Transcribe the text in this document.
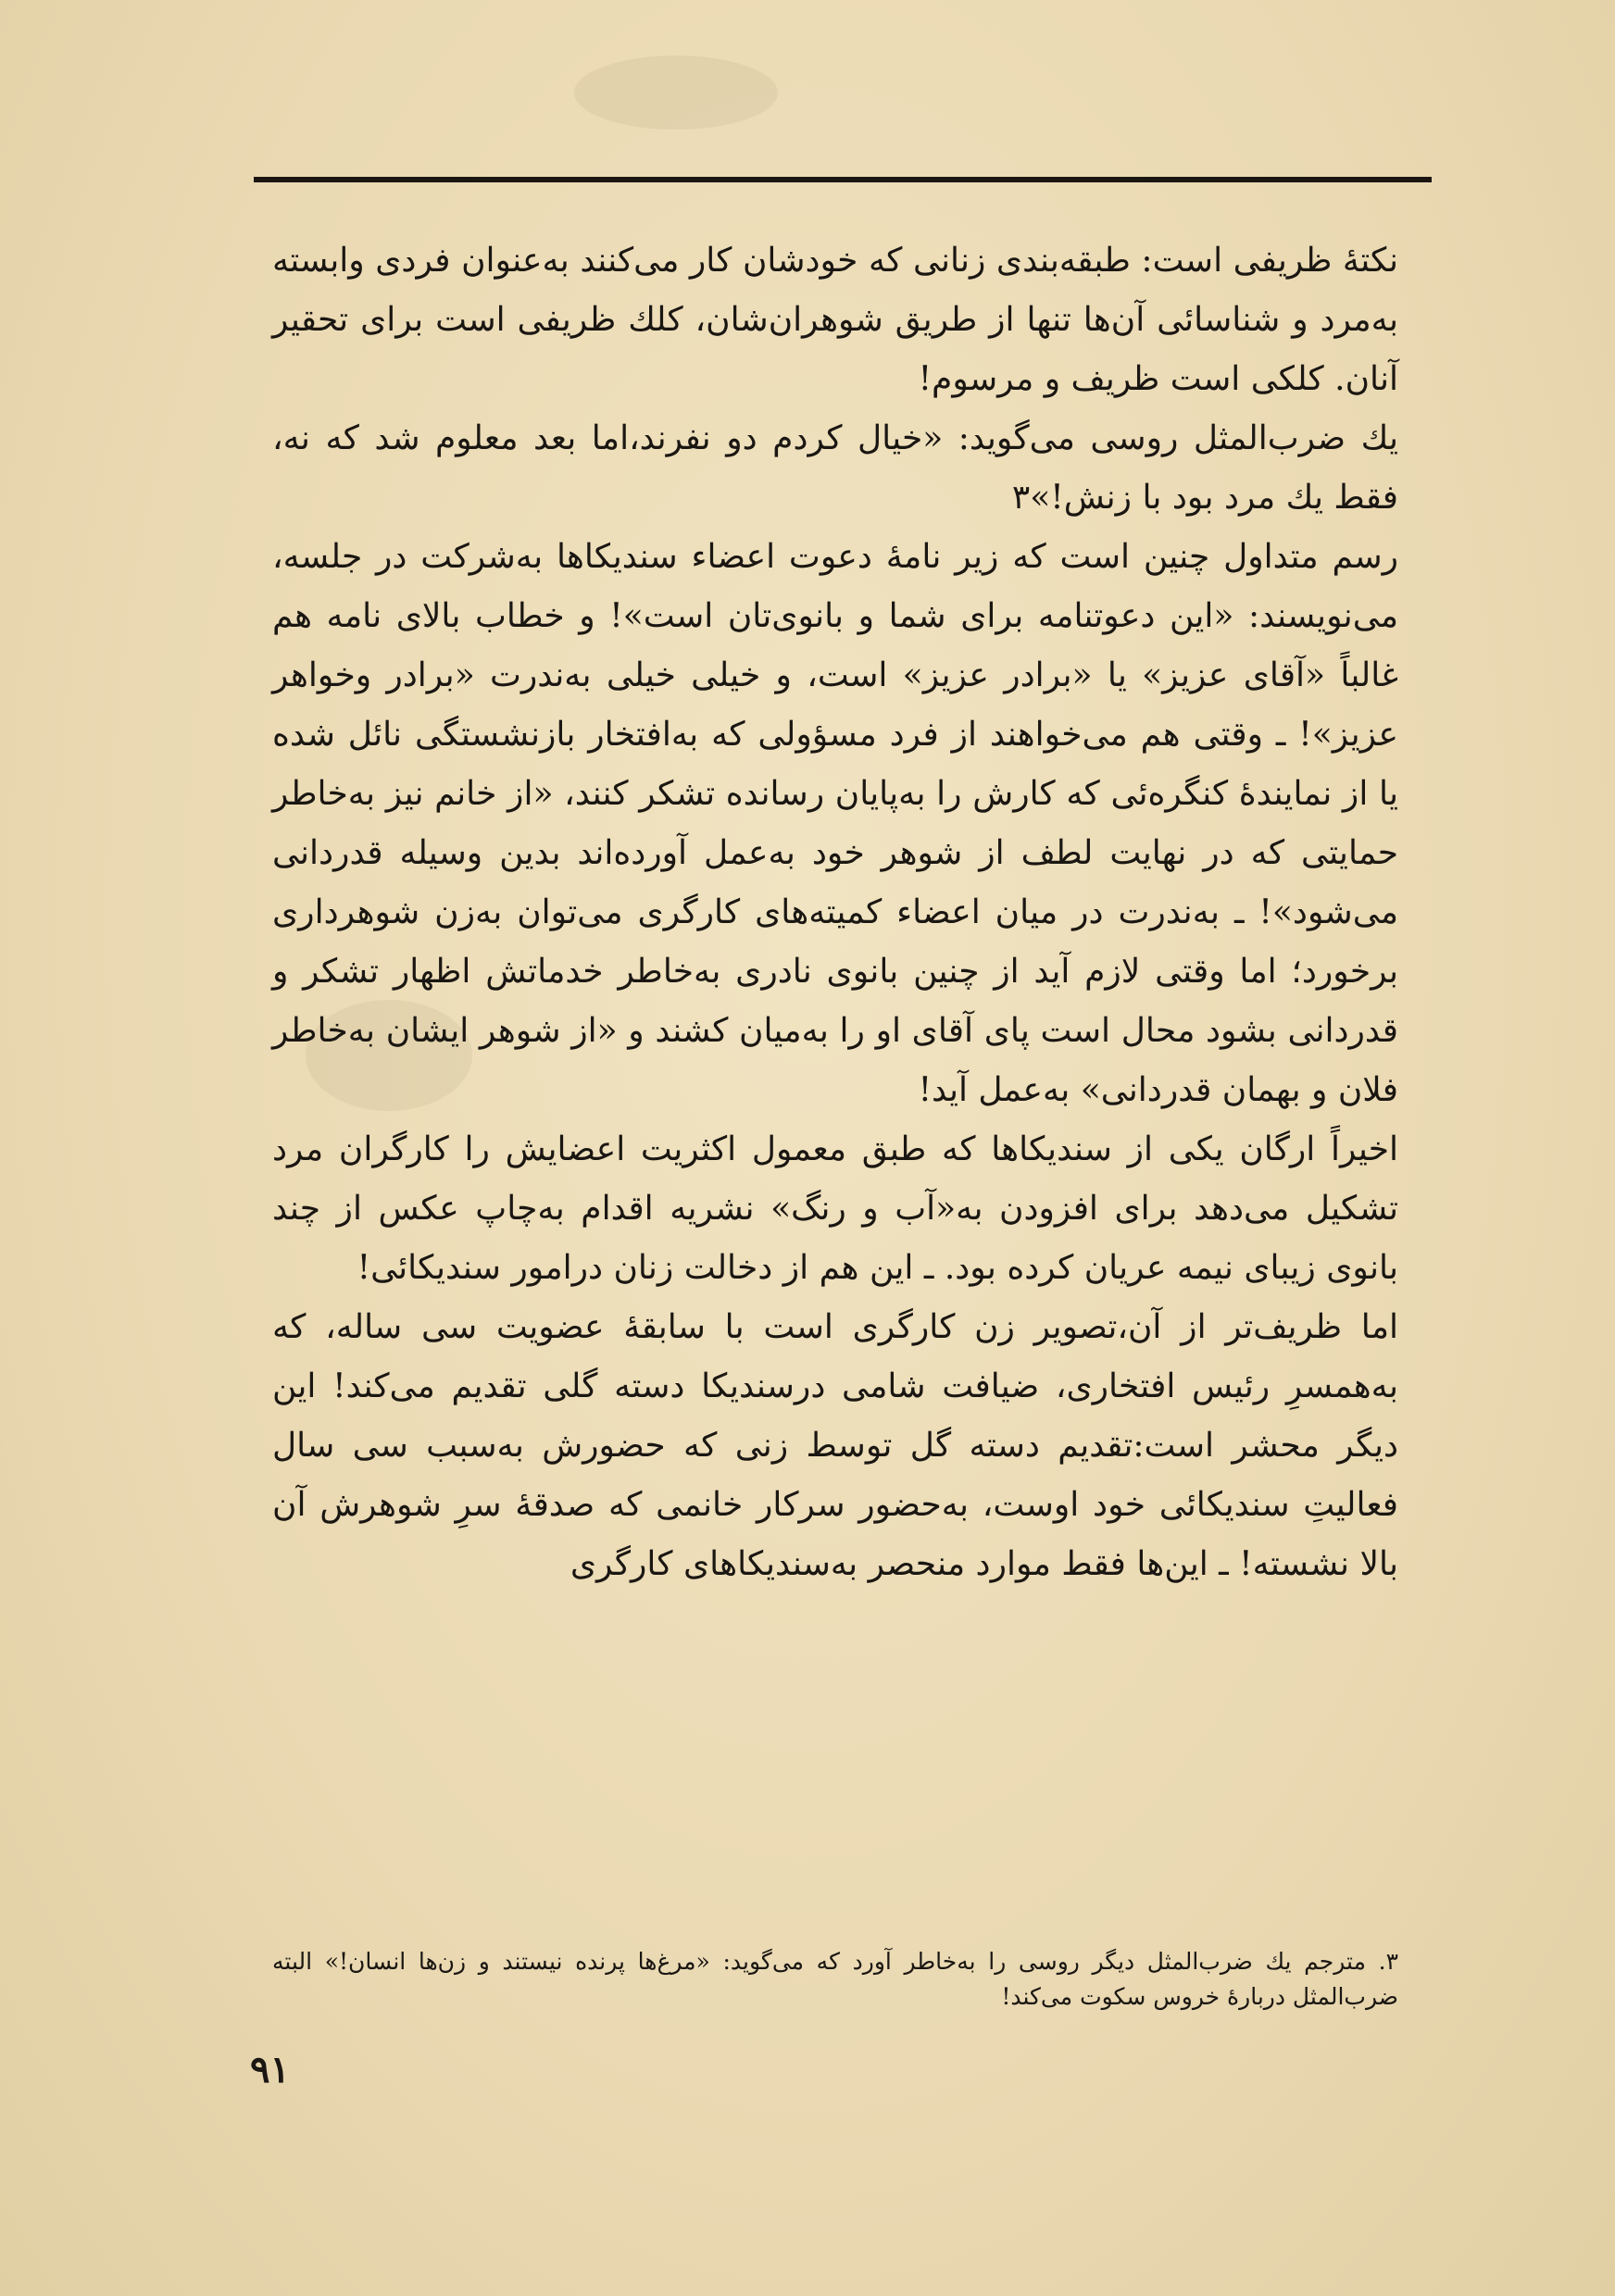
نکتهٔ ظریفی است: طبقه‌بندی زنانی که خودشان کار می‌کنند به‌عنوان فردی وابسته به‌مرد و شناسائی آن‌ها تنها از طریق شوهران‌شان، کلك ظریفی است برای تحقیر آنان. کلکی است ظریف و مرسوم!

یك ضرب‌المثل روسی می‌گوید: «خیال کردم دو نفرند،اما بعد معلوم شد که نه، فقط یك مرد بود با زنش!»۳

رسم متداول چنین است که زیر نامهٔ دعوت اعضاء سندیکاها به‌شرکت در جلسه، می‌نویسند: «این دعوتنامه برای شما و بانوی‌تان است»! و خطاب بالای نامه هم غالباً «آقای عزیز» یا «برادر عزیز» است، و خیلی خیلی به‌ندرت «برادر وخواهر عزیز»! ـ وقتی هم می‌خواهند از فرد مسؤولی که به‌افتخار بازنشستگی نائل شده یا از نمایندهٔ کنگره‌ئی که کارش را به‌پایان رسانده تشکر کنند، «از خانم نیز به‌خاطر حمایتی که در نهایت لطف از شوهر خود به‌عمل آورده‌اند بدین وسیله قدردانی می‌شود»! ـ به‌ندرت در میان اعضاء کمیته‌های کارگری می‌توان به‌زن شوهرداری برخورد؛ اما وقتی لازم آید از چنین بانوی نادری به‌خاطر خدماتش اظهار تشکر و قدردانی بشود محال است پای آقای او را به‌میان کشند و «از شوهر ایشان به‌خاطر فلان و بهمان قدردانی» به‌عمل آید!

اخیراً ارگان یکی از سندیکاها که طبق معمول اکثریت اعضایش را کارگران مرد تشکیل می‌دهد برای افزودن به«آب و رنگ» نشریه اقدام به‌چاپ عکس از چند بانوی زیبای نیمه عریان کرده بود. ـ این هم از دخالت زنان درامور سندیکائی!

اما ظریف‌تر از آن،تصویر زن کارگری است با سابقهٔ عضویت سی ساله، که به‌همسرِ رئیس افتخاری، ضیافت شامی درسندیکا دسته گلی تقدیم می‌کند! این دیگر محشر است:تقدیم دسته گل توسط زنی که حضورش به‌سبب سی سال فعالیتِ سندیکائی خود اوست، به‌حضور سرکار خانمی که صدقهٔ سرِ شوهرش آن بالا نشسته! ـ این‌ها فقط موارد منحصر به‌سندیکاهای کارگری

۳. مترجم یك ضرب‌المثل دیگر روسی را به‌خاطر آورد که می‌گوید: «مرغ‌ها پرنده نیستند و زن‌ها انسان!» البته ضرب‌المثل دربارهٔ خروس سکوت می‌کند!

۹۱
